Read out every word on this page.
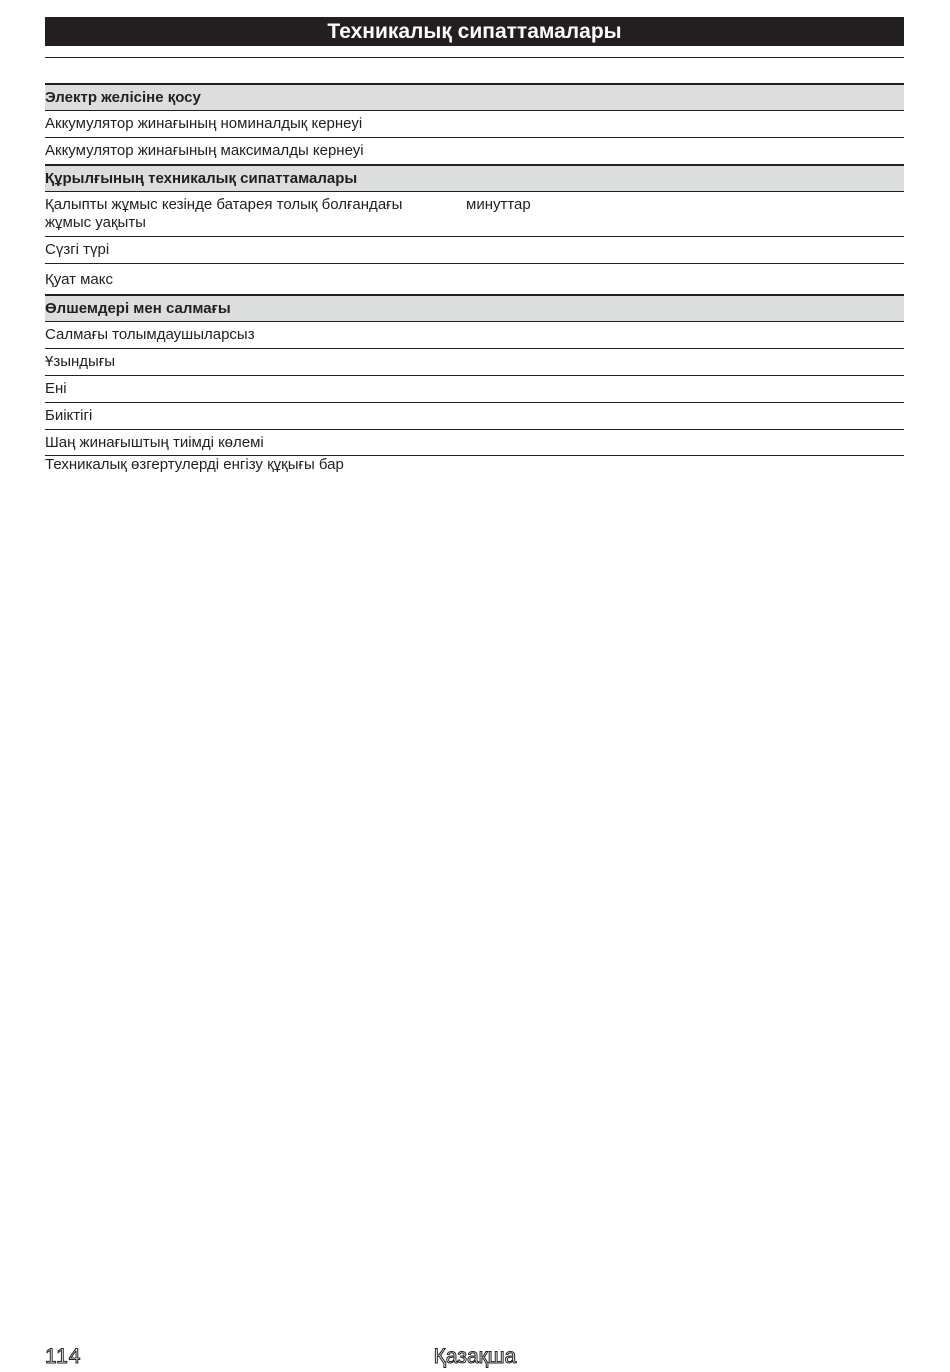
Техникалық сипаттамалары
Электр желісіне қосу
Аккумулятор жинағының номиналдық кернеуі
Аккумулятор жинағының максималды кернеуі
Құрылғының техникалық сипаттамалары
Қалыпты жұмыс кезінде батарея толық болғандағы
жұмыс уақыты
минуттар
Сүзгі түрі
Қуат макс
Өлшемдері мен салмағы
Салмағы толымдаушыларсыз
Ұзындығы
Ені
Биіктігі
Шаң жинағыштың тиімді көлемі
Техникалық өзгертулерді енгізу құқығы бар
114	Қазақша
